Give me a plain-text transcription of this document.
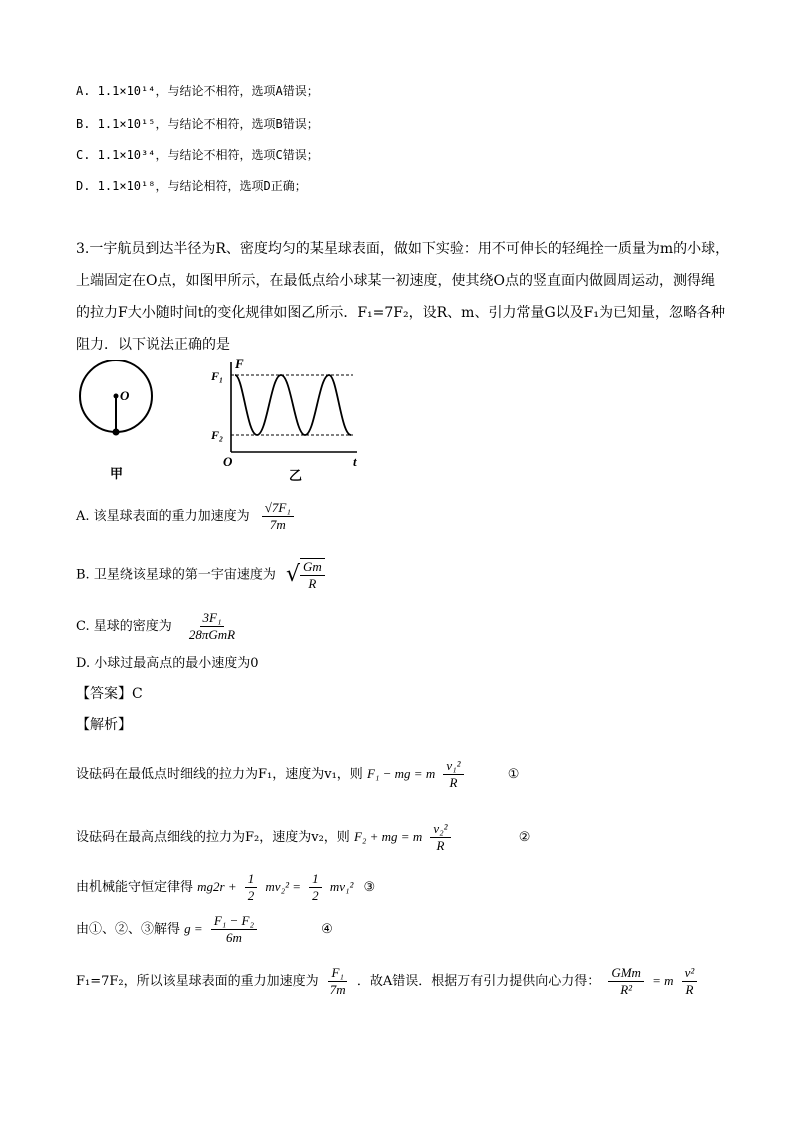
A. 1.1×10¹⁴，与结论不相符，选项A错误；
B. 1.1×10¹⁵，与结论不相符，选项B错误；
C. 1.1×10³⁴，与结论不相符，选项C错误；
D. 1.1×10¹⁸，与结论相符，选项D正确；
3.一宇航员到达半径为R、密度均匀的某星球表面，做如下实验：用不可伸长的轻绳拴一质量为m的小球，
上端固定在O点，如图甲所示，在最低点给小球某一初速度，使其绕O点的竖直面内做圆周运动，测得绳
的拉力F大小随时间t的变化规律如图乙所示．F₁=7F₂，设R、m、引力常量G以及F₁为已知量，忽略各种
阻力．以下说法正确的是
O
甲
F
F₁
F₂
O	t
乙
A. 该星球表面的重力加速度为 $\frac{\text{√7F₁}}{7m}$
B. 卫星绕该星球的第一宇宙速度为 √ $\frac{Gm}{R}$
C. 星球的密度为 $\frac{\text{3F₁}}{\text{28πGmR}}$
D. 小球过最高点的最小速度为0
【答案】C
【解析】
设砝码在最低点时细线的拉力为F₁，速度为v₁，则 F₁ − mg = m $\frac{\text{v₁²}}{R}$	①
设砝码在最高点细线的拉力为F₂，速度为v₂，则 F₂ + mg = m $\frac{\text{v₂²}}{R}$	②
由机械能守恒定律得 $mg2r + \frac{1}{2} mv_2^2 = \frac{1}{2} mv_1^2$ ③
由①、②、③解得 $g = \frac{\text{F₁ − F₂}}{6m}$	④
F₁=7F₂，所以该星球表面的重力加速度为 $\frac{\text{F₁}}{7m}$ ．故A错误．根据万有引力提供向心力得： $\frac{\text{GMm}}{\text{R²}} = m \frac{\text{v²}}{R}$
